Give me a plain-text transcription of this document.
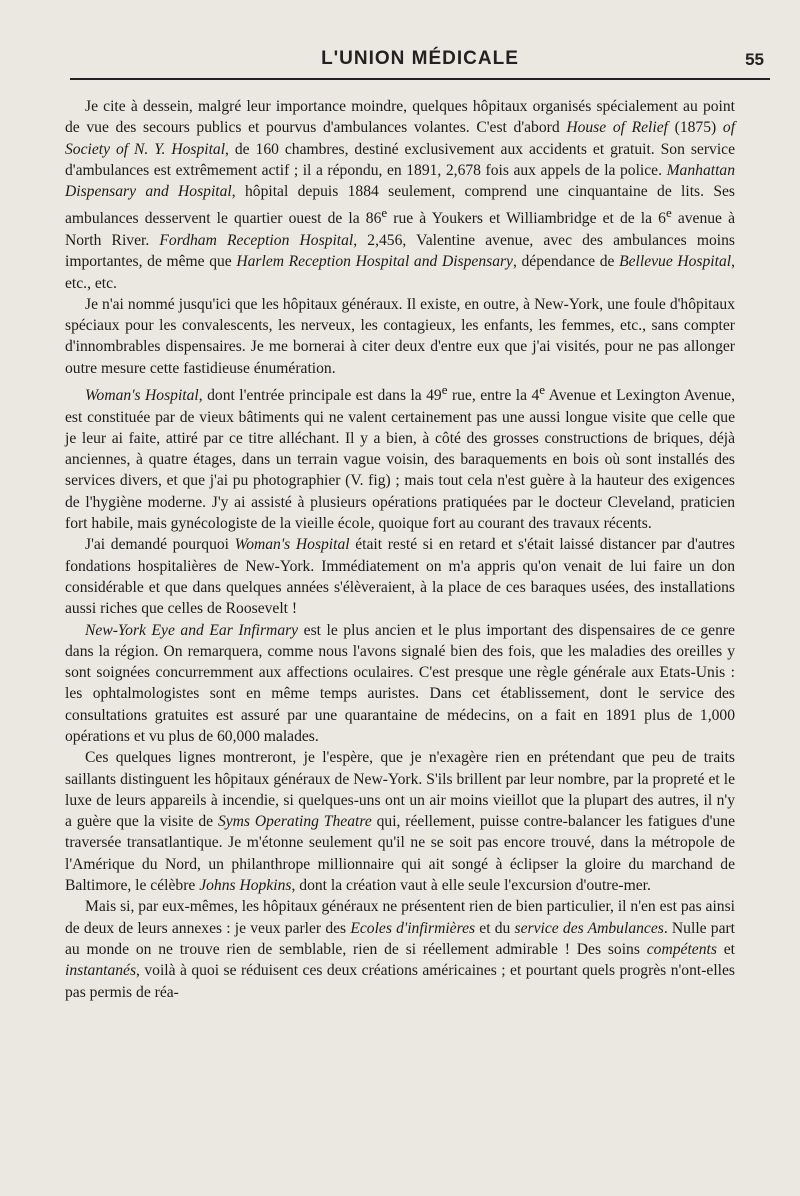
L'UNION MÉDICALE	55

Je cite à dessein, malgré leur importance moindre, quelques hôpitaux organisés spécialement au point de vue des secours publics et pourvus d'ambulances volantes. C'est d'abord House of Relief (1875) of Society of N. Y. Hospital, de 160 chambres, destiné exclusivement aux accidents et gratuit. Son service d'ambulances est extrêmement actif ; il a répondu, en 1891, 2,678 fois aux appels de la police. Manhattan Dispensary and Hospital, hôpital depuis 1884 seulement, comprend une cinquantaine de lits. Ses ambulances desservent le quartier ouest de la 86e rue à Youkers et Williambridge et de la 6e avenue à North River. Fordham Reception Hospital, 2,456, Valentine avenue, avec des ambulances moins importantes, de même que Harlem Reception Hospital and Dispensary, dépendance de Bellevue Hospital, etc., etc.

Je n'ai nommé jusqu'ici que les hôpitaux généraux. Il existe, en outre, à New-York, une foule d'hôpitaux spéciaux pour les convalescents, les nerveux, les contagieux, les enfants, les femmes, etc., sans compter d'innombrables dispensaires. Je me bornerai à citer deux d'entre eux que j'ai visités, pour ne pas allonger outre mesure cette fastidieuse énumération.

Woman's Hospital, dont l'entrée principale est dans la 49e rue, entre la 4e Avenue et Lexington Avenue, est constituée par de vieux bâtiments qui ne valent certainement pas une aussi longue visite que celle que je leur ai faite, attiré par ce titre alléchant. Il y a bien, à côté des grosses constructions de briques, déjà anciennes, à quatre étages, dans un terrain vague voisin, des baraquements en bois où sont installés des services divers, et que j'ai pu photographier (V. fig) ; mais tout cela n'est guère à la hauteur des exigences de l'hygiène moderne. J'y ai assisté à plusieurs opérations pratiquées par le docteur Cleveland, praticien fort habile, mais gynécologiste de la vieille école, quoique fort au courant des travaux récents.

J'ai demandé pourquoi Woman's Hospital était resté si en retard et s'était laissé distancer par d'autres fondations hospitalières de New-York. Immédiatement on m'a appris qu'on venait de lui faire un don considérable et que dans quelques années s'élèveraient, à la place de ces baraques usées, des installations aussi riches que celles de Roosevelt !

New-York Eye and Ear Infirmary est le plus ancien et le plus important des dispensaires de ce genre dans la région. On remarquera, comme nous l'avons signalé bien des fois, que les maladies des oreilles y sont soignées concurremment aux affections oculaires. C'est presque une règle générale aux Etats-Unis : les ophtalmologistes sont en même temps auristes. Dans cet établissement, dont le service des consultations gratuites est assuré par une quarantaine de médecins, on a fait en 1891 plus de 1,000 opérations et vu plus de 60,000 malades.

Ces quelques lignes montreront, je l'espère, que je n'exagère rien en prétendant que peu de traits saillants distinguent les hôpitaux généraux de New-York. S'ils brillent par leur nombre, par la propreté et le luxe de leurs appareils à incendie, si quelques-uns ont un air moins vieillot que la plupart des autres, il n'y a guère que la visite de Syms Operating Theatre qui, réellement, puisse contre-balancer les fatigues d'une traversée transatlantique. Je m'étonne seulement qu'il ne se soit pas encore trouvé, dans la métropole de l'Amérique du Nord, un philanthrope millionnaire qui ait songé à éclipser la gloire du marchand de Baltimore, le célèbre Johns Hopkins, dont la création vaut à elle seule l'excursion d'outre-mer.

Mais si, par eux-mêmes, les hôpitaux généraux ne présentent rien de bien particulier, il n'en est pas ainsi de deux de leurs annexes : je veux parler des Ecoles d'infirmières et du service des Ambulances. Nulle part au monde on ne trouve rien de semblable, rien de si réellement admirable ! Des soins compétents et instantanés, voilà à quoi se réduisent ces deux créations américaines ; et pourtant quels progrès n'ont-elles pas permis de réa-
